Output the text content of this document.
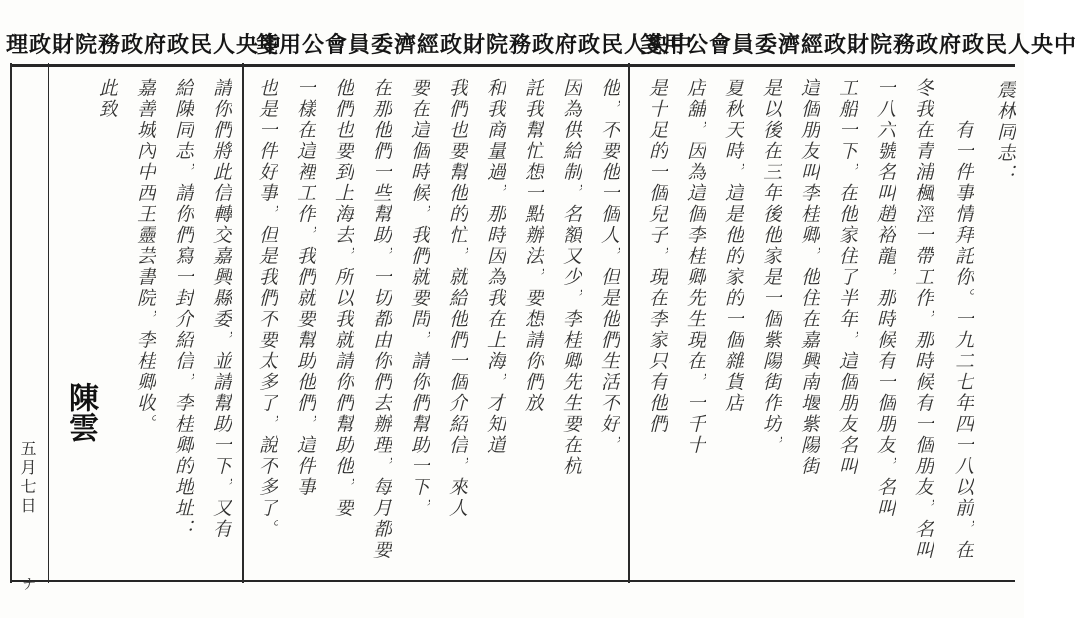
理政財院務政府政民人央中
箋用公會員委濟經政財院務政府政民人央中
箋用公會員委濟經政財院務政府政民人央中
震林同志：
有一件事情拜託你。一九二七年四一八以前，在
冬我在青浦楓涇一帶工作，那時候有一個朋友，名叫
一八六號名叫趙裕龍，那時候有一個朋友，名叫
工船一下，在他家住了半年，這個朋友名叫
這個朋友叫李桂卿，他住在嘉興南堰紫陽街
是以後在三年後他家是一個紫陽街作坊，
夏秋天時，這是他的家的一個雜貨店
店舖，因為這個李桂卿先生現在，一千十
是十足的一個兒子，現在李家只有他們
他，不要他一個人，但是他們生活不好，
因為供給制，名額又少，李桂卿先生要在杭
託我幫忙想一點辦法，要想請你們放
和我商量過，那時因為我在上海，才知道
我們也要幫他的忙，就給他們一個介紹信，來人
要在這個時候，我們就要問，請你們幫助一下，
在那他們一些幫助，一切都由你們去辦理，每月都要
他們也要到上海去，所以我就請你們幫助他，要
一樣在這裡工作，我們就要幫助他們，這件事
也是一件好事，但是我們不要太多了，說不多了。
請你們將此信轉交嘉興縣委，並請幫助一下，又有
給陳同志，請你們寫一封介紹信，李桂卿的地址：
嘉善城內中西王靈芸書院，李桂卿收。
此致
陳雲
五月七日
ナ
